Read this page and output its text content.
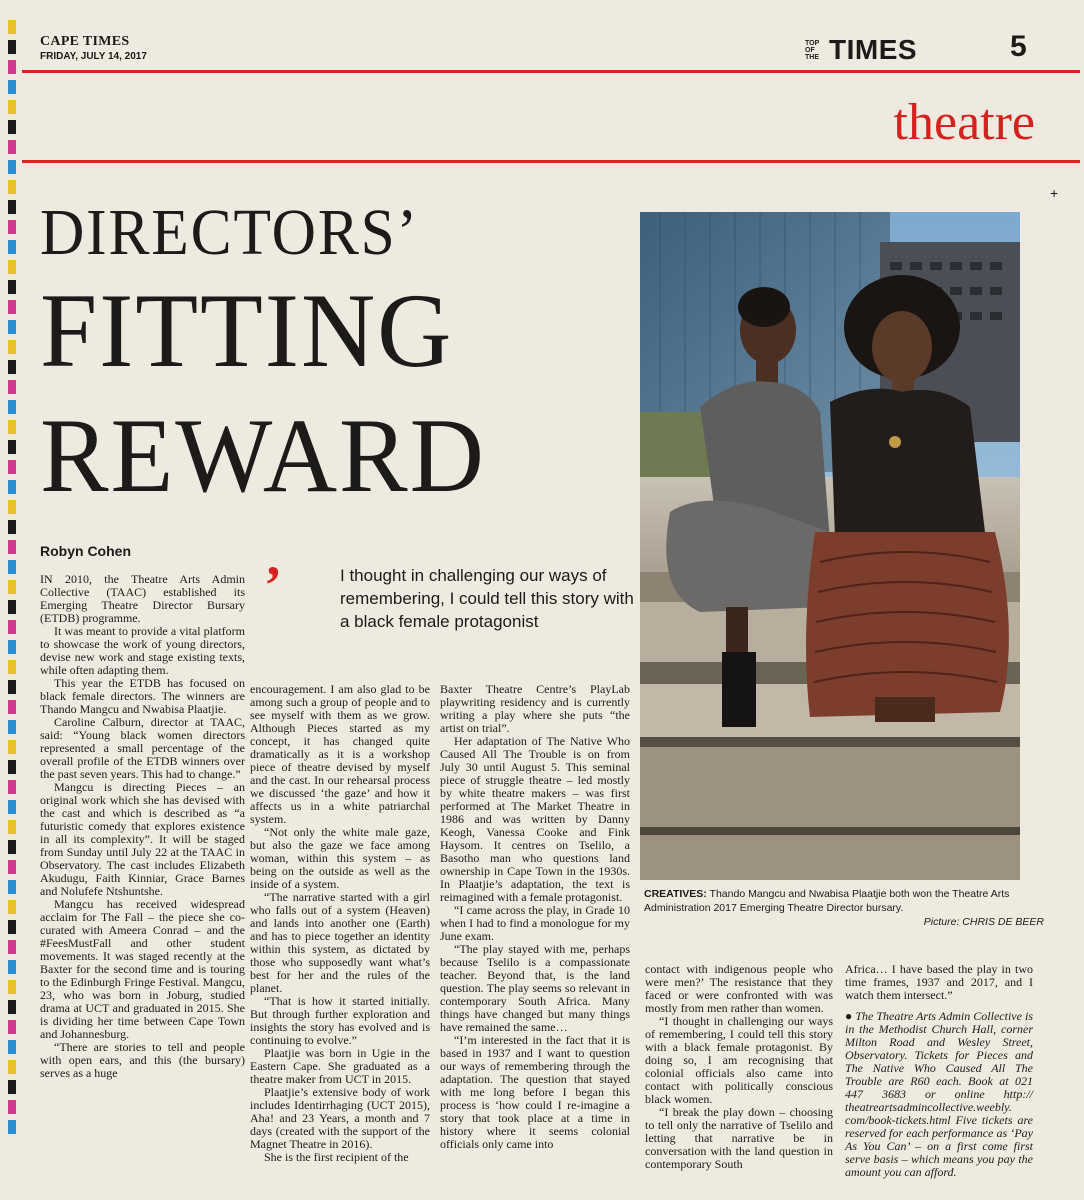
CAPE TIMES
FRIDAY, JULY 14, 2017
TOP
OF
THE TIMES	5
theatre
+
DIRECTORS’
FITTING
REWARD
Robyn Cohen
’	I thought in challenging our ways of remembering, I could tell this story with a black female protagonist
CREATIVES: Thando Mangcu and Nwabisa Plaatjie both won the Theatre Arts Administration 2017 Emerging Theatre Director bursary.
Picture: CHRIS DE BEER

IN 2010, the Theatre Arts Admin Collective (TAAC) established its Emerging Theatre Director Bursary (ETDB) programme.

It was meant to provide a vital platform to showcase the work of young directors, devise new work and stage existing texts, while often adapting them.

This year the ETDB has focused on black female directors. The winners are Thando Mangcu and Nwabisa Plaatjie.

Caroline Calburn, director at TAAC, said: “Young black women directors represented a small percentage of the overall profile of the ETDB winners over the past seven years. This had to change.”

Mangcu is directing Pieces – an original work which she has devised with the cast and which is described as “a futuristic comedy that explores existence in all its complexity”. It will be staged from Sunday until July 22 at the TAAC in Observatory. The cast includes Elizabeth Akudugu, Faith Kinniar, Grace Barnes and Nolufefe Ntshuntshe.

Mangcu has received widespread acclaim for The Fall – the piece she co-curated with Ameera Conrad – and the #FeesMustFall and other student movements. It was staged recently at the Baxter for the second time and is touring to the Edinburgh Fringe Festival. Mangcu, 23, who was born in Joburg, studied drama at UCT and graduated in 2015. She is dividing her time between Cape Town and Johannesburg.

“There are stories to tell and people with open ears, and this (the bursary) serves as a huge

encouragement. I am also glad to be among such a group of people and to see myself with them as we grow. Although Pieces started as my concept, it has changed quite dramatically as it is a workshop piece of theatre devised by myself and the cast. In our rehearsal process we discussed ‘the gaze’ and how it affects us in a white patriarchal system.

“Not only the white male gaze, but also the gaze we face among woman, within this system – as being on the outside as well as the inside of a system.

“The narrative started with a girl who falls out of a system (Heaven) and lands into another one (Earth) and has to piece together an identity within this system, as dictated by those who supposedly want what’s best for her and the rules of the planet.

“That is how it started initially. But through further exploration and insights the story has evolved and is continuing to evolve.”

Plaatjie was born in Ugie in the Eastern Cape. She graduated as a theatre maker from UCT in 2015.

Plaatjie’s extensive body of work includes Identirrhaging (UCT 2015), Aha! and 23 Years, a month and 7 days (created with the support of the Magnet Theatre in 2016).

She is the first recipient of the

Baxter Theatre Centre’s PlayLab playwriting residency and is currently writing a play where she puts “the artist on trial”.

Her adaptation of The Native Who Caused All The Trouble is on from July 30 until August 5. This seminal piece of struggle theatre – led mostly by white theatre makers – was first performed at The Market Theatre in 1986 and was written by Danny Keogh, Vanessa Cooke and Fink Haysom. It centres on Tselilo, a Basotho man who questions land ownership in Cape Town in the 1930s. In Plaatjie’s adaptation, the text is reimagined with a female protagonist.

“I came across the play, in Grade 10 when I had to find a monologue for my June exam.

“The play stayed with me, perhaps because Tselilo is a compassionate teacher. Beyond that, is the land question. The play seems so relevant in contemporary South Africa. Many things have changed but many things have remained the same…

“I’m interested in the fact that it is based in 1937 and I want to question our ways of remembering through the adaptation. The question that stayed with me long before I began this process is ‘how could I re-imagine a story that took place at a time in history where it seems colonial officials only came into

contact with indigenous people who were men?’ The resistance that they faced or were confronted with was mostly from men rather than women.

“I thought in challenging our ways of remembering, I could tell this story with a black female protagonist. By doing so, I am recognising that colonial officials also came into contact with politically conscious black women.

“I break the play down – choosing to tell only the narrative of Tselilo and letting that narrative be in conversation with the land question in contemporary South

Africa… I have based the play in two time frames, 1937 and 2017, and I watch them intersect.”

● The Theatre Arts Admin Collective is in the Methodist Church Hall, corner Milton Road and Wesley Street, Observatory. Tickets for Pieces and The Native Who Caused All The Trouble are R60 each. Book at 021 447 3683 or online http:// theatreartsadmincollective.weebly. com/book-tickets.html Five tickets are reserved for each performance as ‘Pay As You Can’ – on a first come first serve basis – which means you pay the amount you can afford.
